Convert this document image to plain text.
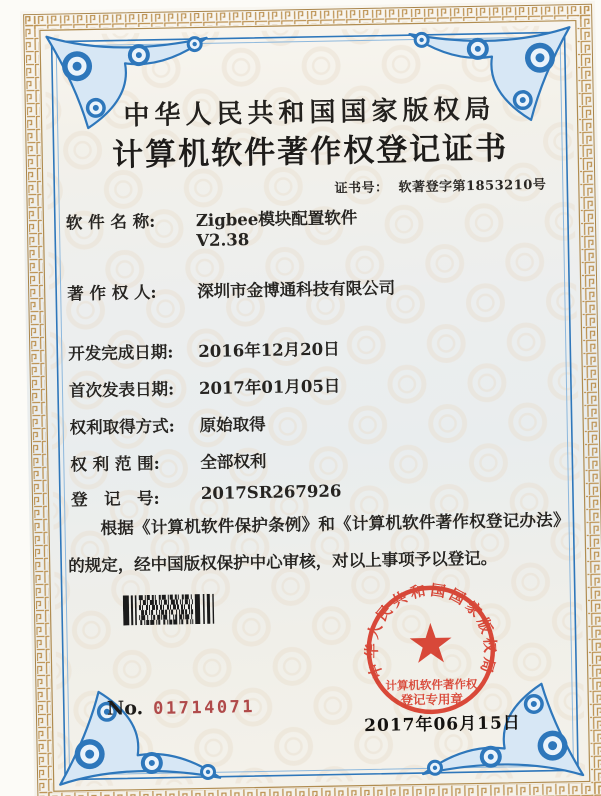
中华人民共和国国家版权局
计算机软件著作权登记证书
证书号： 软著登字第1853210号
软 件 名 称:	Zigbee模块配置软件
V2.38
著 作 权 人:	深圳市金博通科技有限公司
开发完成日期:	2016年12月20日
首次发表日期:	2017年01月05日
权利取得方式:	原始取得
权 利 范 围:	全部权利
登　记　号:	2017SR267926
根据《计算机软件保护条例》和《计算机软件著作权登记办法》的规定，经中国版权保护中心审核，对以上事项予以登记。
No. 01714071
中华人民共和国国家版权局
计算机软件著作权
登记专用章
2017年06月15日
